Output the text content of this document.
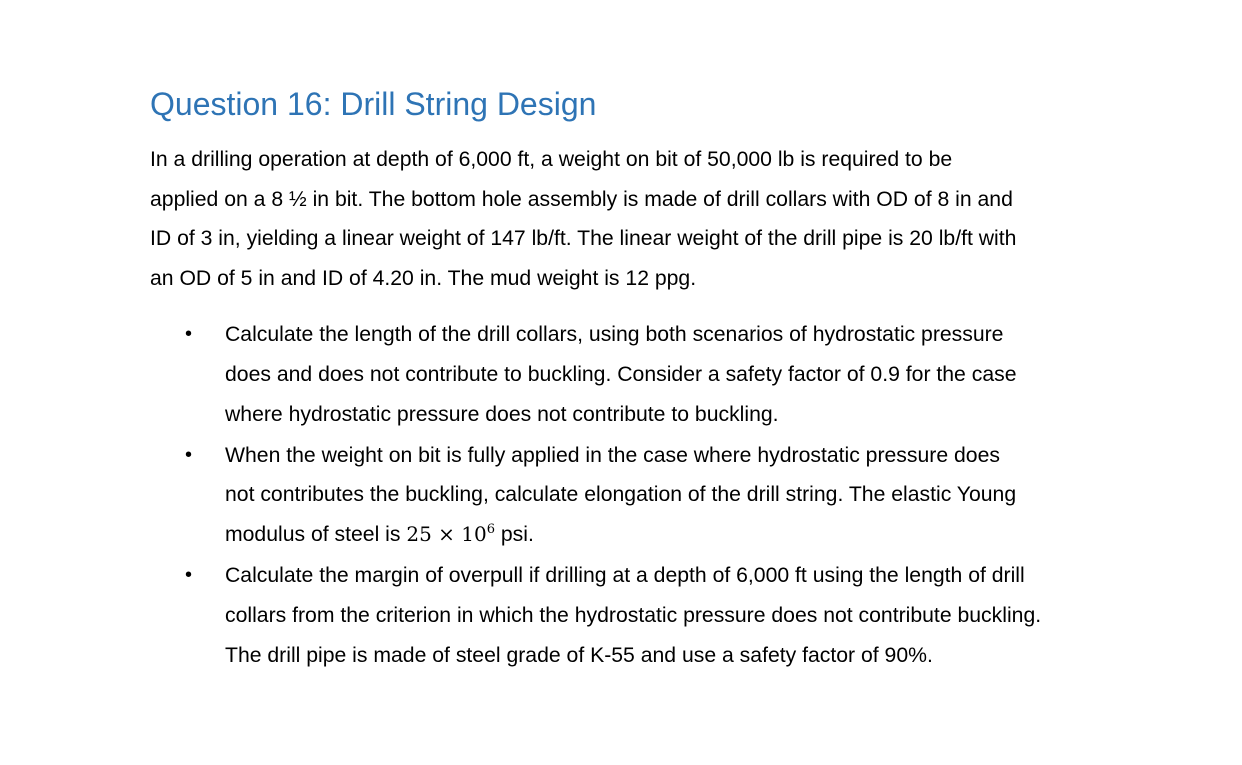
Question 16: Drill String Design

In a drilling operation at depth of 6,000 ft, a weight on bit of 50,000 lb is required to be
applied on a 8 ½ in bit. The bottom hole assembly is made of drill collars with OD of 8 in and
ID of 3 in, yielding a linear weight of 147 lb/ft. The linear weight of the drill pipe is 20 lb/ft with
an OD of 5 in and ID of 4.20 in. The mud weight is 12 ppg.

• Calculate the length of the drill collars, using both scenarios of hydrostatic pressure
does and does not contribute to buckling. Consider a safety factor of 0.9 for the case
where hydrostatic pressure does not contribute to buckling.
• When the weight on bit is fully applied in the case where hydrostatic pressure does
not contributes the buckling, calculate elongation of the drill string. The elastic Young
modulus of steel is $25 \times 10^6$ psi.
• Calculate the margin of overpull if drilling at a depth of 6,000 ft using the length of drill
collars from the criterion in which the hydrostatic pressure does not contribute buckling.
The drill pipe is made of steel grade of K-55 and use a safety factor of 90%.
